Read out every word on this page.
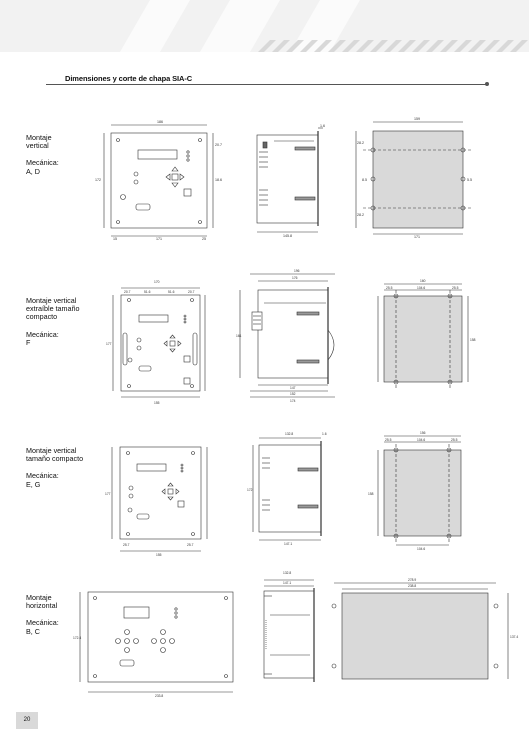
Dimensiones y corte de chapa SIA-C
Montaje
vertical
Mecánica:
A, D
Montaje vertical
extraíble tamaño
compacto
Mecánica:
F
Montaje vertical
tamaño compacto
Mecánica:
E, G
Montaje
horizontal
Mecánica:
B, C
186
172
171
15	25
20.7
18.6
1.6
145.8
159
171
28.2
28.2
8.5	5.5
170
20.7	51.6	51.6	20.7
155
177
196
176
161
147
152
174
160
25.5	104.6	25.5
158
177
25.7	25.7
155
132.8
172
147.1
1.6	156
25.5	104.6	25.5
158
104.6
172.4
233.8
132.8
147.1
278.9
238.8
137.4
20
